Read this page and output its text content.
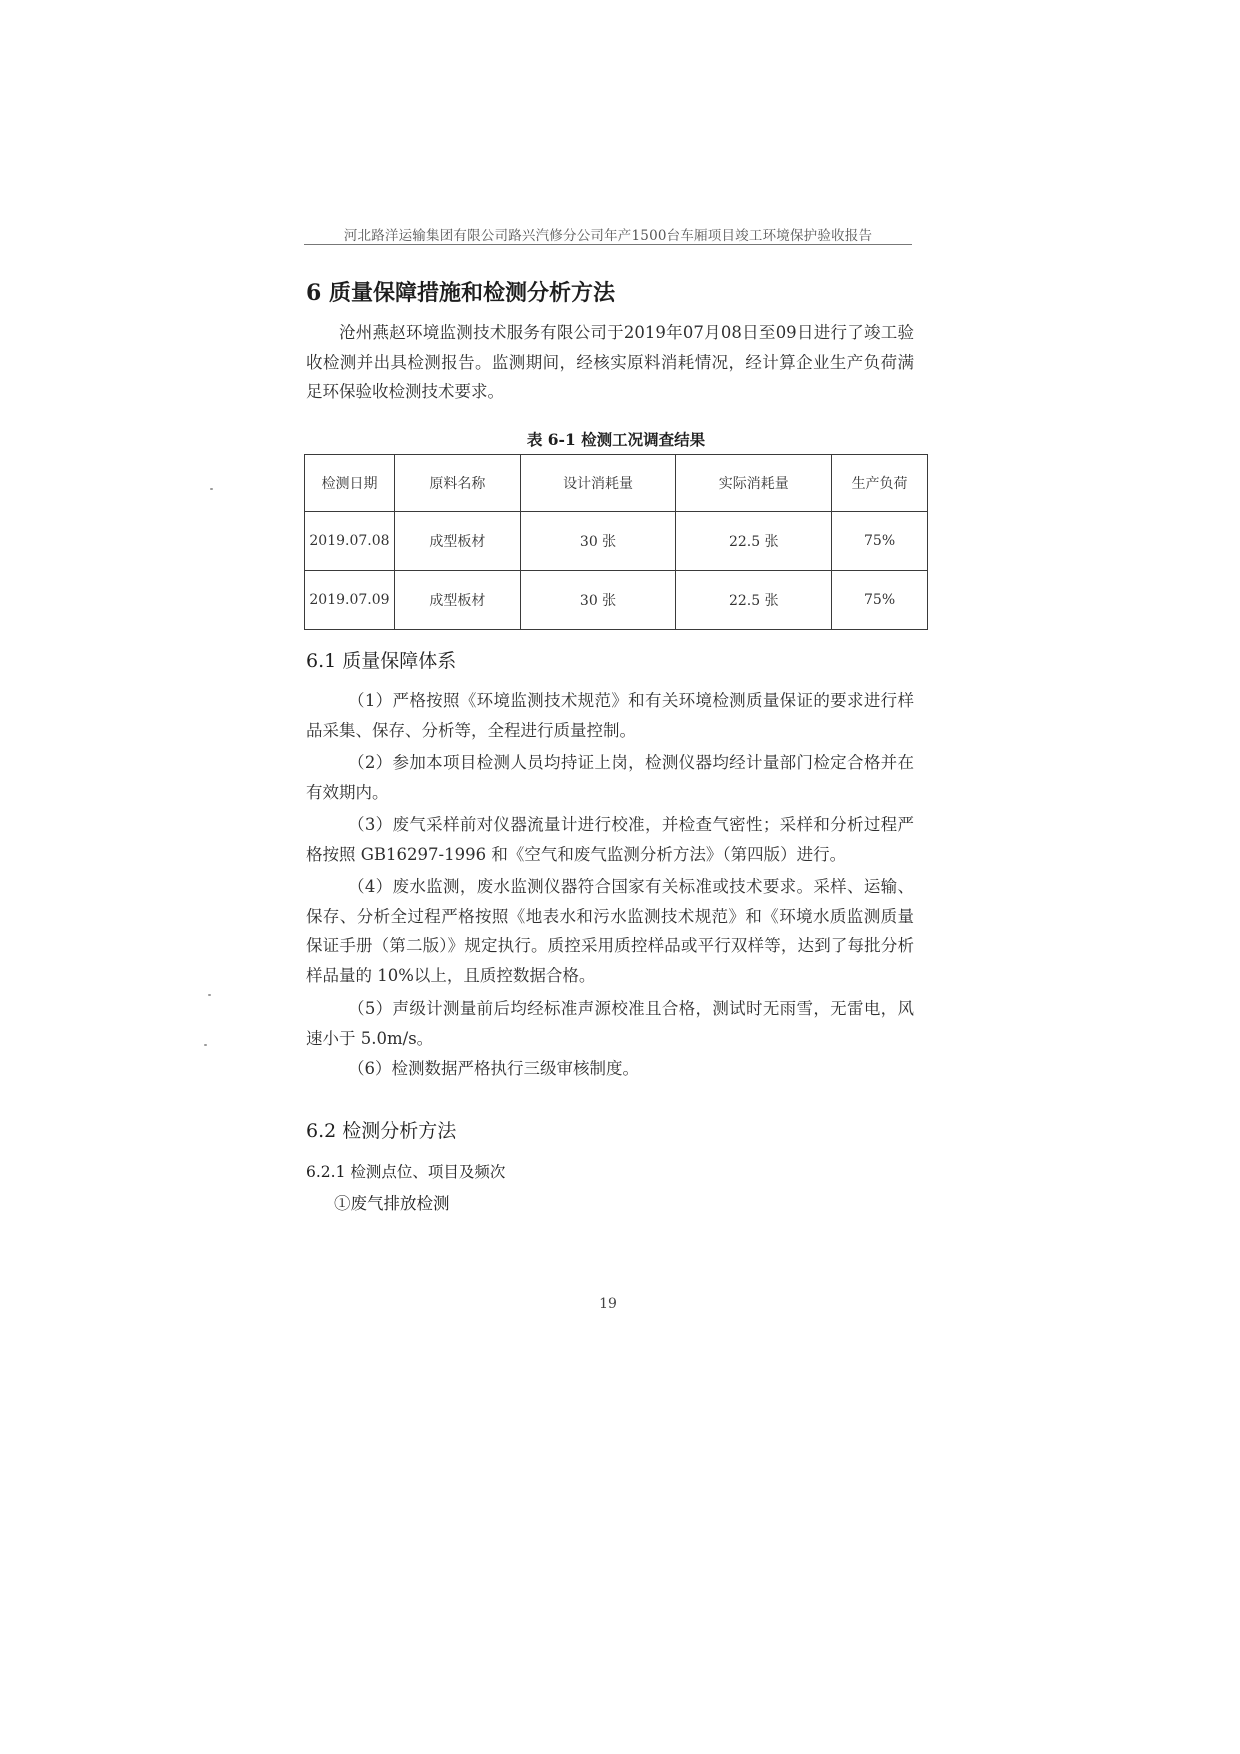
河北路洋运输集团有限公司路兴汽修分公司年产1500台车厢项目竣工环境保护验收报告
6 质量保障措施和检测分析方法

沧州燕赵环境监测技术服务有限公司于2019年07月08日至09日进行了竣工验收检测并出具检测报告。监测期间，经核实原料消耗情况，经计算企业生产负荷满足环保验收检测技术要求。

表 6-1 检测工况调查结果
检测日期	原料名称	设计消耗量	实际消耗量	生产负荷
2019.07.08	成型板材	30 张	22.5 张	75%
2019.07.09	成型板材	30 张	22.5 张	75%
6.1 质量保障体系

（1）严格按照《环境监测技术规范》和有关环境检测质量保证的要求进行样品采集、保存、分析等，全程进行质量控制。

（2）参加本项目检测人员均持证上岗，检测仪器均经计量部门检定合格并在有效期内。

（3）废气采样前对仪器流量计进行校准，并检查气密性；采样和分析过程严格按照 GB16297-1996 和《空气和废气监测分析方法》（第四版）进行。

（4）废水监测，废水监测仪器符合国家有关标准或技术要求。采样、运输、保存、分析全过程严格按照《地表水和污水监测技术规范》和《环境水质监测质量保证手册（第二版）》规定执行。质控采用质控样品或平行双样等，达到了每批分析样品量的 10%以上，且质控数据合格。

（5）声级计测量前后均经标准声源校准且合格，测试时无雨雪，无雷电，风速小于 5.0m/s。

（6）检测数据严格执行三级审核制度。

6.2 检测分析方法
6.2.1 检测点位、项目及频次
①废气排放检测
19
